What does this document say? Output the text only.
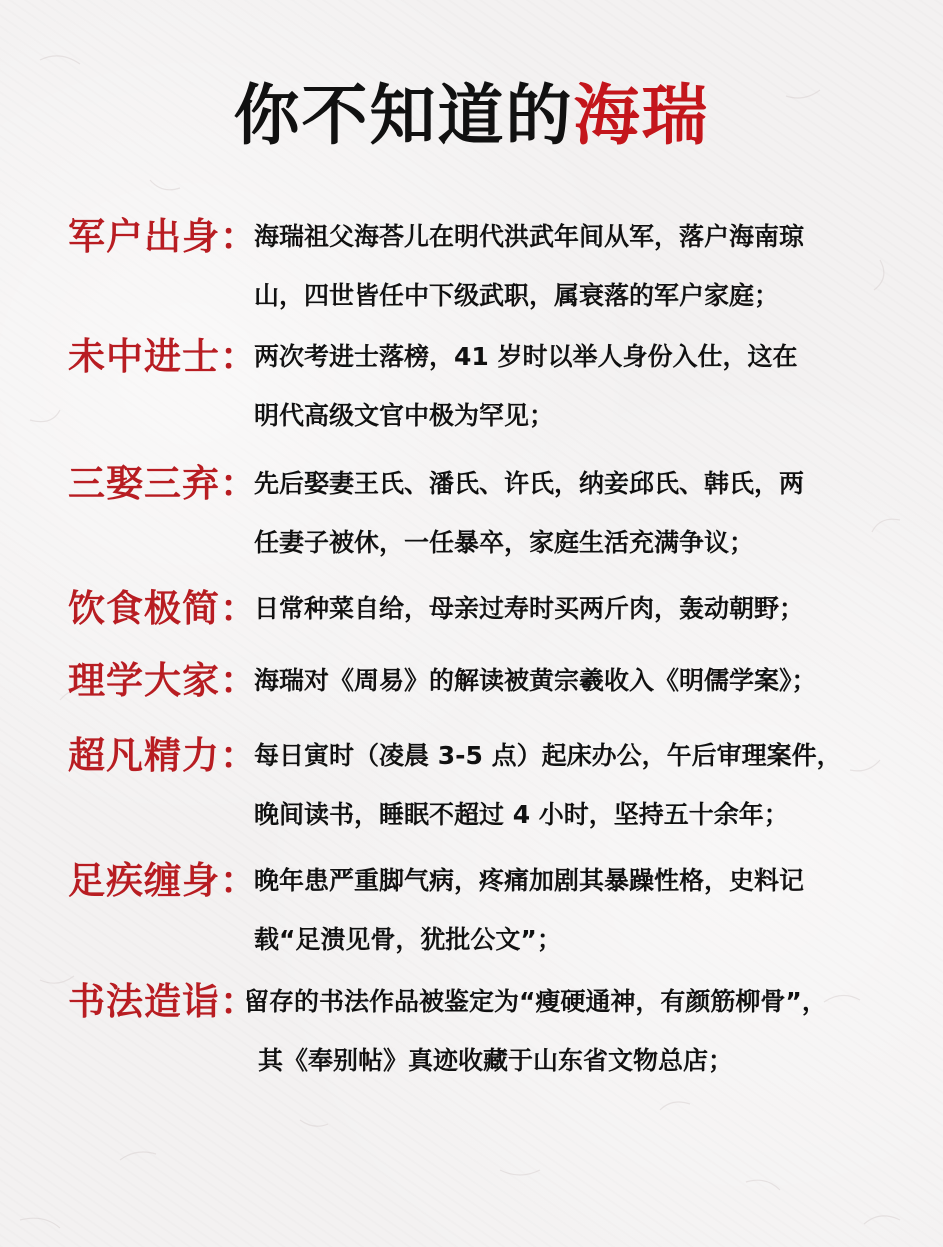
你不知道的海瑞
军户出身：
海瑞祖父海荅儿在明代洪武年间从军，落户海南琼
山，四世皆任中下级武职，属衰落的军户家庭；
未中进士：
两次考进士落榜，41 岁时以举人身份入仕，这在
明代高级文官中极为罕见；
三娶三弃：
先后娶妻王氏、潘氏、许氏，纳妾邱氏、韩氏，两
任妻子被休，一任暴卒，家庭生活充满争议；
饮食极简：
日常种菜自给，母亲过寿时买两斤肉，轰动朝野；
理学大家：
海瑞对《周易》的解读被黄宗羲收入《明儒学案》；
超凡精力：
每日寅时（凌晨 3-5 点）起床办公，午后审理案件，
晚间读书，睡眠不超过 4 小时，坚持五十余年；
足疾缠身：
晚年患严重脚气病，疼痛加剧其暴躁性格，史料记
载“足溃见骨，犹批公文”；
书法造诣：
留存的书法作品被鉴定为“瘦硬通神，有颜筋柳骨”，
其《奉别帖》真迹收藏于山东省文物总店；
